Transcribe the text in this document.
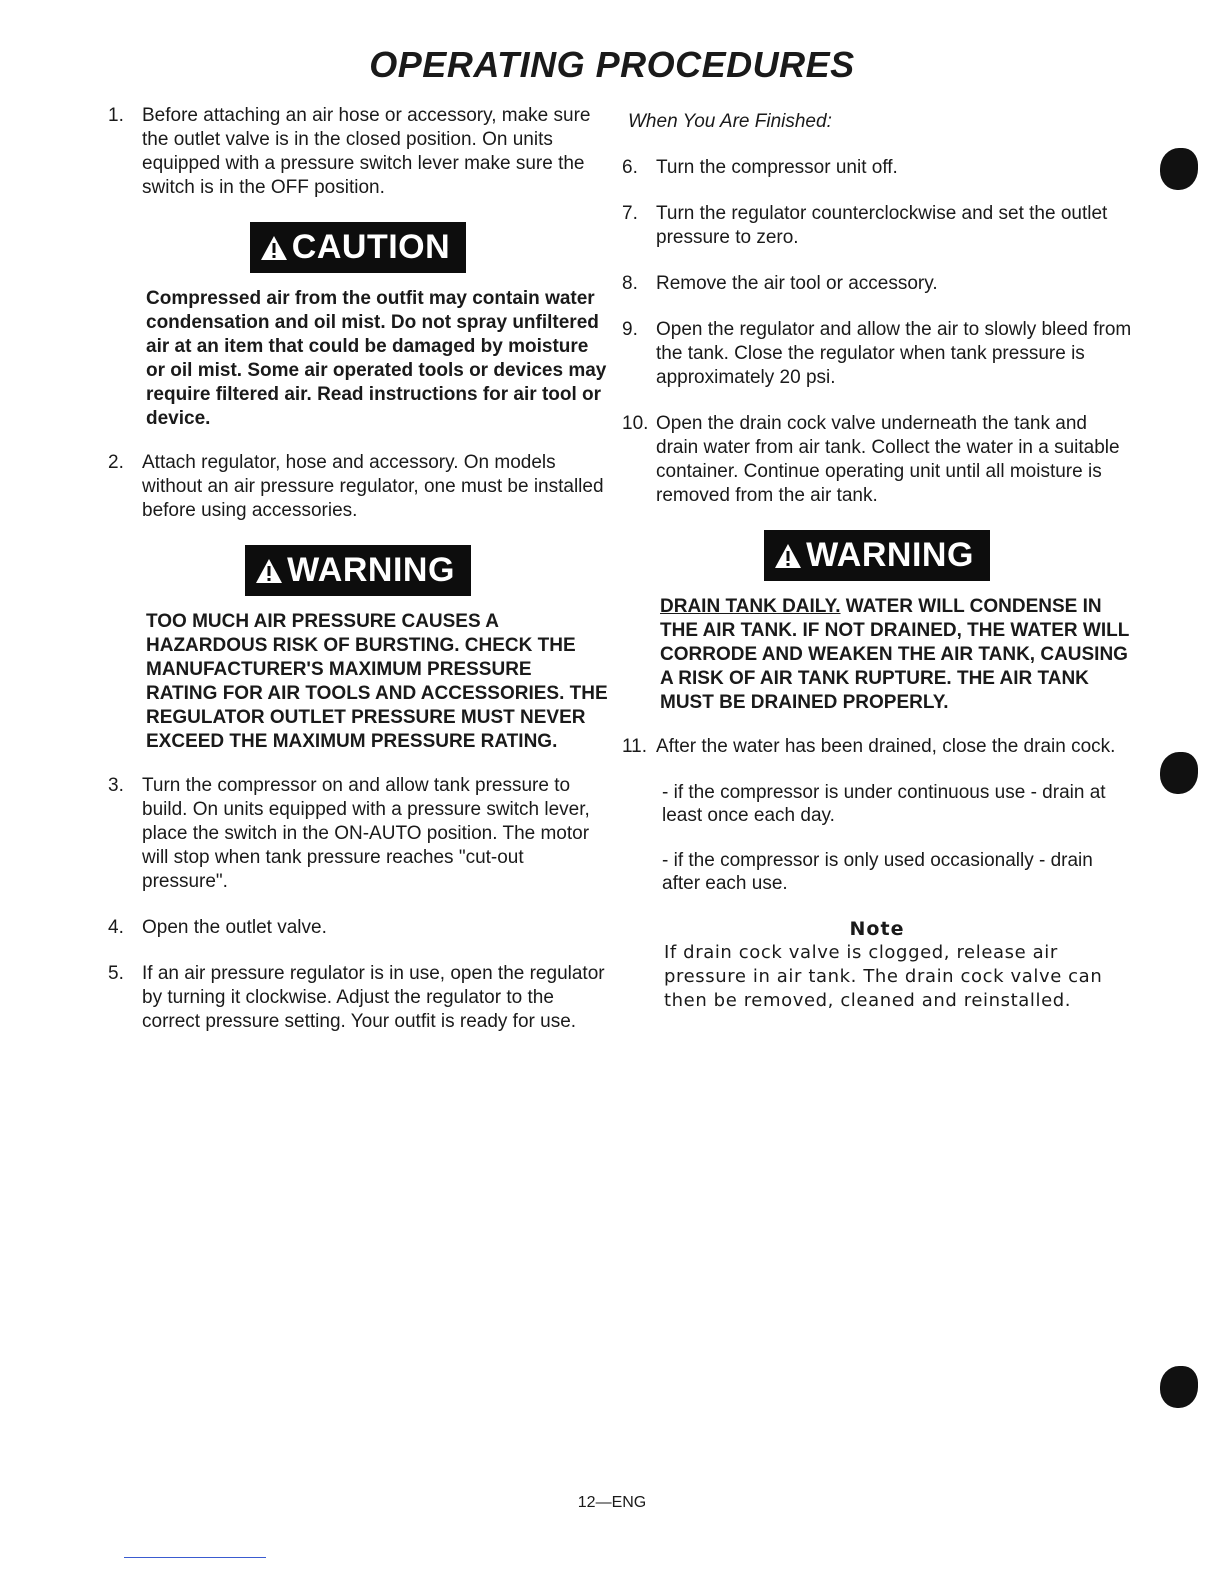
OPERATING PROCEDURES
1. Before attaching an air hose or accessory, make sure the outlet valve is in the closed position. On units equipped with a pressure switch lever make sure the switch is in the OFF position.
CAUTION
Compressed air from the outfit may contain water condensation and oil mist. Do not spray unfiltered air at an item that could be damaged by moisture or oil mist. Some air operated tools or devices may require filtered air. Read instructions for air tool or device.
2. Attach regulator, hose and accessory. On models without an air pressure regulator, one must be installed before using accessories.
WARNING
TOO MUCH AIR PRESSURE CAUSES A HAZARDOUS RISK OF BURSTING. CHECK THE MANUFACTURER'S MAXIMUM PRESSURE RATING FOR AIR TOOLS AND ACCESSORIES. THE REGULATOR OUTLET PRESSURE MUST NEVER EXCEED THE MAXIMUM PRESSURE RATING.
3. Turn the compressor on and allow tank pressure to build. On units equipped with a pressure switch lever, place the switch in the ON-AUTO position. The motor will stop when tank pressure reaches "cut-out pressure".
4. Open the outlet valve.
5. If an air pressure regulator is in use, open the regulator by turning it clockwise. Adjust the regulator to the correct pressure setting. Your outfit is ready for use.
When You Are Finished:
6. Turn the compressor unit off.
7. Turn the regulator counterclockwise and set the outlet pressure to zero.
8. Remove the air tool or accessory.
9. Open the regulator and allow the air to slowly bleed from the tank. Close the regulator when tank pressure is approximately 20 psi.
10. Open the drain cock valve underneath the tank and drain water from air tank. Collect the water in a suitable container. Continue operating unit until all moisture is removed from the air tank.
WARNING
DRAIN TANK DAILY. WATER WILL CONDENSE IN THE AIR TANK. IF NOT DRAINED, THE WATER WILL CORRODE AND WEAKEN THE AIR TANK, CAUSING A RISK OF AIR TANK RUPTURE. THE AIR TANK MUST BE DRAINED PROPERLY.
11. After the water has been drained, close the drain cock.
- if the compressor is under continuous use - drain at least once each day.
- if the compressor is only used occasionally - drain after each use.
Note
If drain cock valve is clogged, release air pressure in air tank. The drain cock valve can then be removed, cleaned and reinstalled.
12—ENG
